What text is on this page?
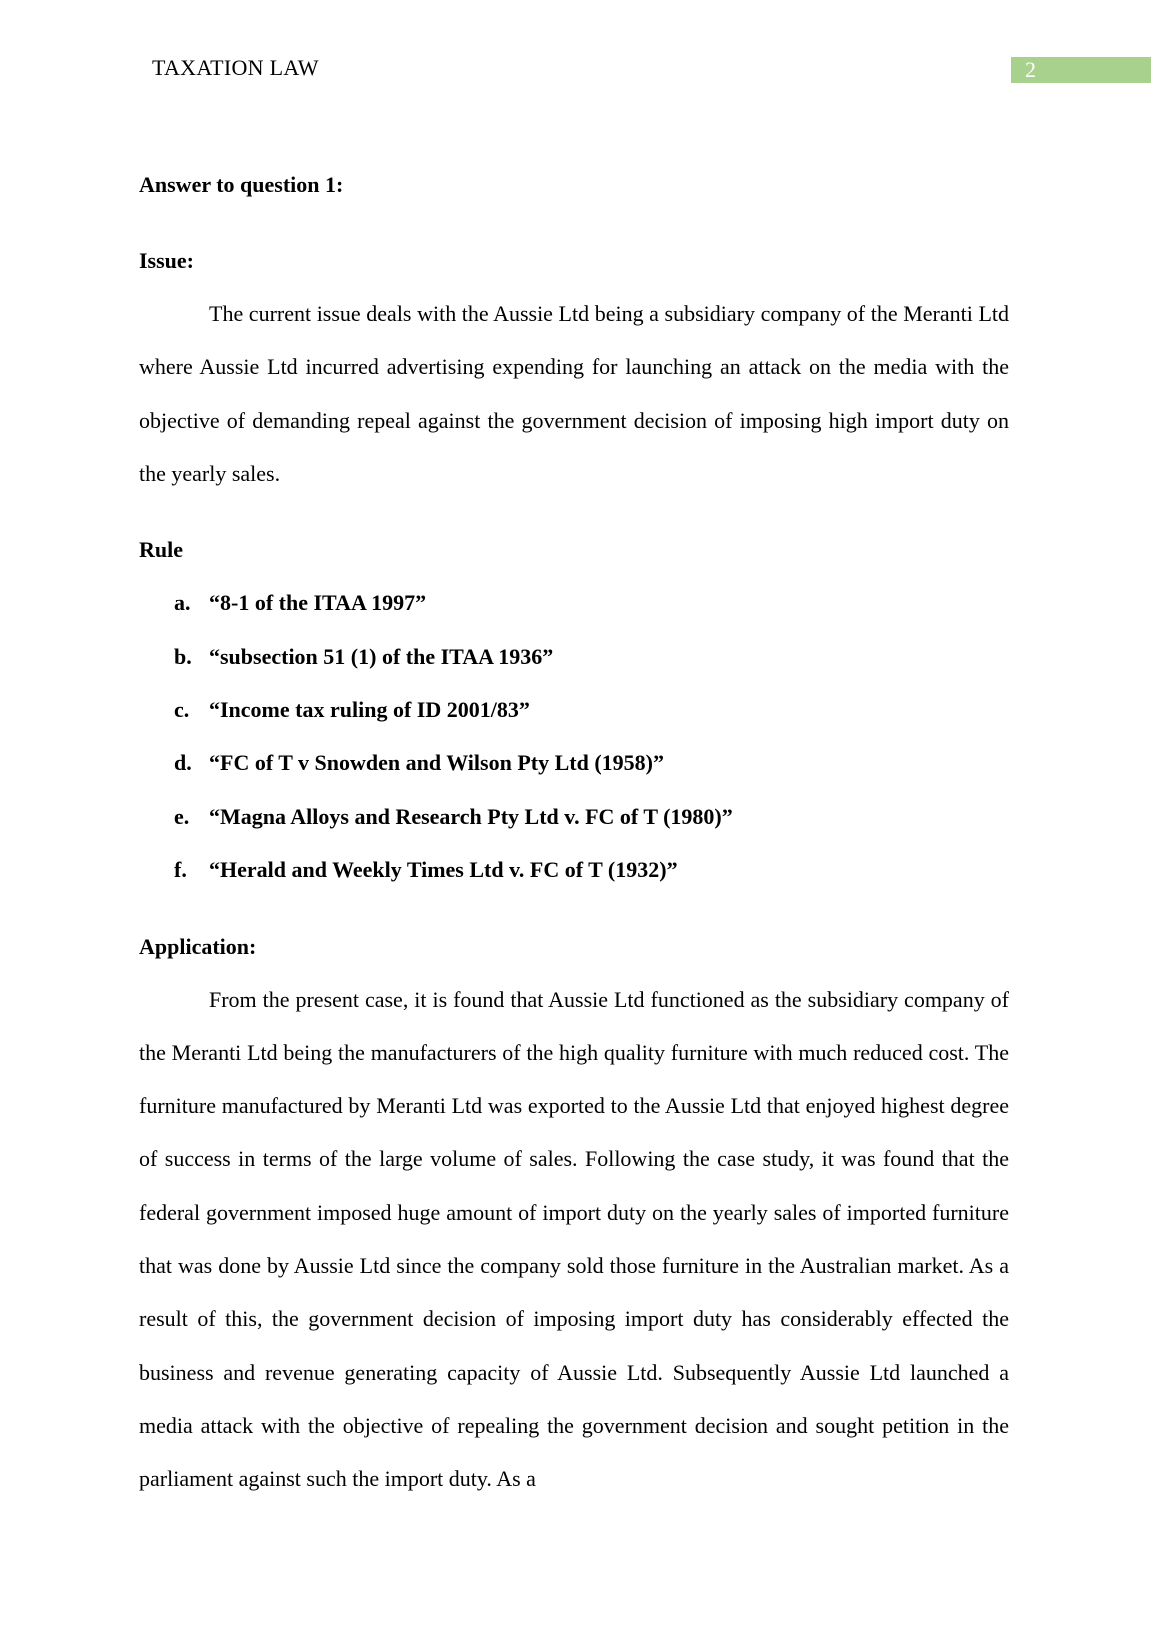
TAXATION LAW	2

Answer to question 1:

Issue:

The current issue deals with the Aussie Ltd being a subsidiary company of the Meranti Ltd where Aussie Ltd incurred advertising expending for launching an attack on the media with the objective of demanding repeal against the government decision of imposing high import duty on the yearly sales.

Rule

a. “8-1 of the ITAA 1997”
b. “subsection 51 (1) of the ITAA 1936”
c. “Income tax ruling of ID 2001/83”
d. “FC of T v Snowden and Wilson Pty Ltd (1958)”
e. “Magna Alloys and Research Pty Ltd v. FC of T (1980)”
f. “Herald and Weekly Times Ltd v. FC of T (1932)”

Application:

From the present case, it is found that Aussie Ltd functioned as the subsidiary company of the Meranti Ltd being the manufacturers of the high quality furniture with much reduced cost. The furniture manufactured by Meranti Ltd was exported to the Aussie Ltd that enjoyed highest degree of success in terms of the large volume of sales. Following the case study, it was found that the federal government imposed huge amount of import duty on the yearly sales of imported furniture that was done by Aussie Ltd since the company sold those furniture in the Australian market. As a result of this, the government decision of imposing import duty has considerably effected the business and revenue generating capacity of Aussie Ltd. Subsequently Aussie Ltd launched a media attack with the objective of repealing the government decision and sought petition in the parliament against such the import duty. As a
